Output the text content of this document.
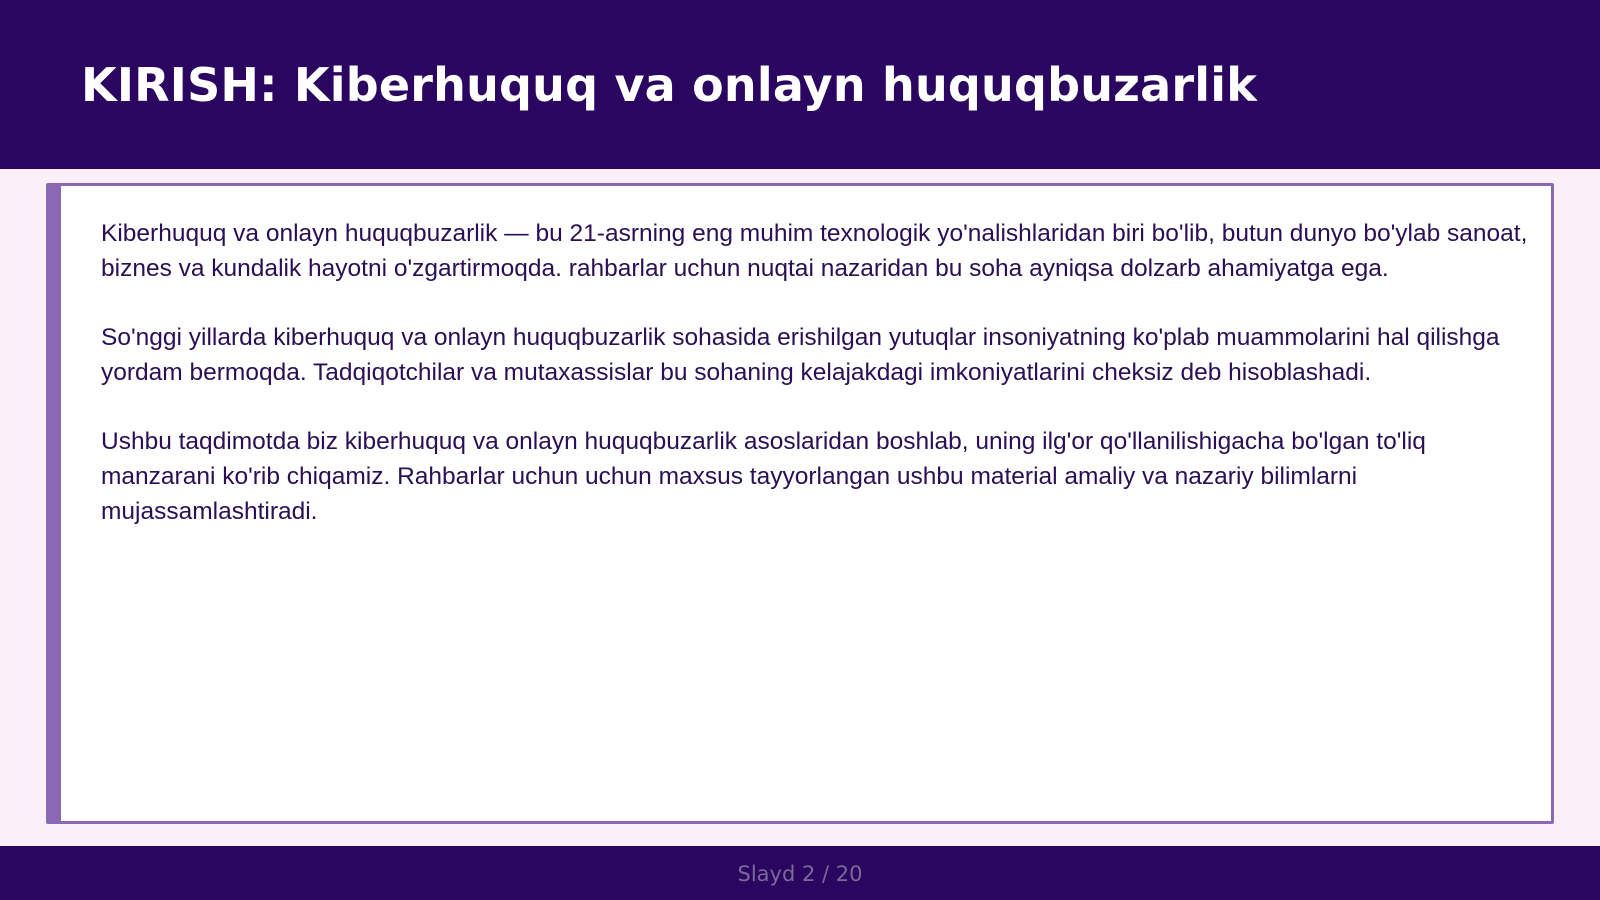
KIRISH: Kiberhuquq va onlayn huquqbuzarlik

Kiberhuquq va onlayn huquqbuzarlik — bu 21-asrning eng muhim texnologik yo'nalishlaridan biri bo'lib, butun dunyo bo'ylab sanoat, biznes va kundalik hayotni o'zgartirmoqda. rahbarlar uchun nuqtai nazaridan bu soha ayniqsa dolzarb ahamiyatga ega.

So'nggi yillarda kiberhuquq va onlayn huquqbuzarlik sohasida erishilgan yutuqlar insoniyatning ko'plab muammolarini hal qilishga yordam bermoqda. Tadqiqotchilar va mutaxassislar bu sohaning kelajakdagi imkoniyatlarini cheksiz deb hisoblashadi.

Ushbu taqdimotda biz kiberhuquq va onlayn huquqbuzarlik asoslaridan boshlab, uning ilg'or qo'llanilishigacha bo'lgan to'liq manzarani ko'rib chiqamiz. Rahbarlar uchun uchun maxsus tayyorlangan ushbu material amaliy va nazariy bilimlarni mujassamlashtiradi.

Slayd 2 / 20
